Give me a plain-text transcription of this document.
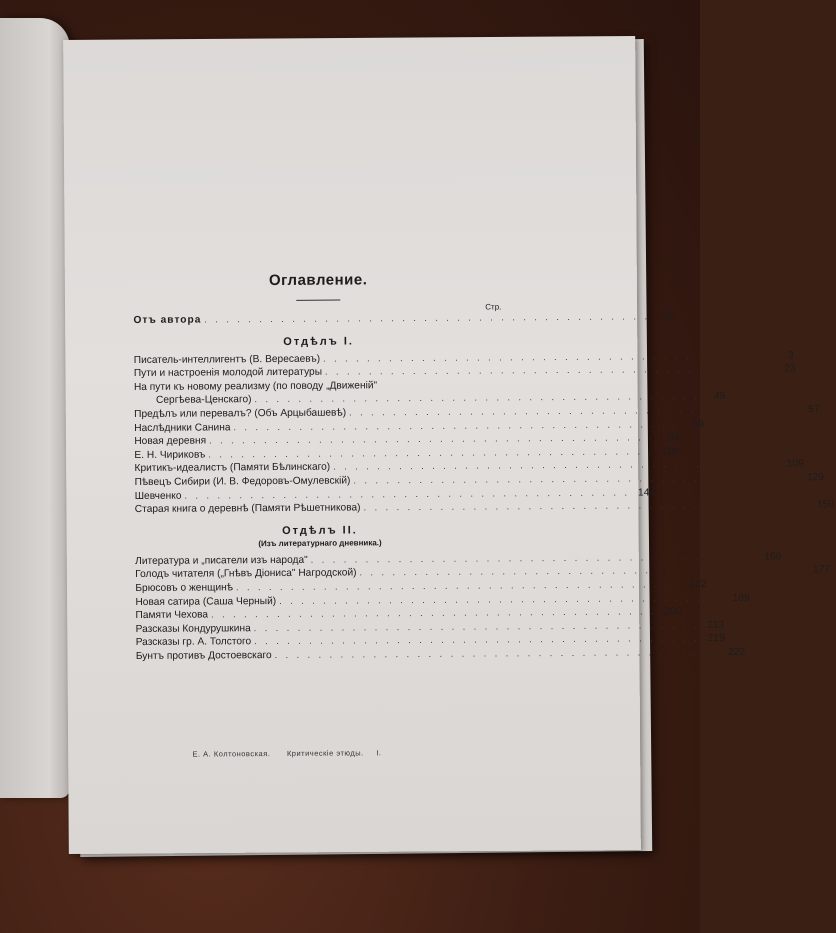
Оглавление.
Стр.
Отъ автора . . .	VII
Отдѣлъ I.
Писатель-интеллигентъ (В. Вересаевъ) . . .	3
Пути и настроенія молодой литературы . . .	23
На пути къ новому реализму (по поводу „Движеній"
Сергѣева-Ценскаго) . . .	49
Предѣлъ или перевалъ? (Объ Арцыбашевѣ) . . .	57
Наслѣдники Санина . . .	69
Новая деревня . . .	84
Е. Н. Чириковъ . . .	100
Критикъ-идеалистъ (Памяти Бѣлинскаго) . . .	109
Пѣвецъ Сибири (И. В. Федоровъ-Омулевскій) . . .	129
Шевченко . . .	144
Старая книга о деревнѣ (Памяти Рѣшетникова) . . .	159
Отдѣлъ II.
(Изъ литературнаго дневника.)
Литература и „писатели изъ народа" . . .	169
Голодъ читателя („Гнѣвъ Діониса" Нагродской) . . .	177
Брюсовъ о женщинѣ . . .	182
Новая сатира (Саша Черный) . . .	189
Памяти Чехова . . .	200
Разсказы Кондурушкина . . .	213
Разсказы гр. А. Толстого . . .	219
Бунтъ противъ Достоевскаго . . .	222
Е. А. Колтоновская. Критическіе этюды. I.
